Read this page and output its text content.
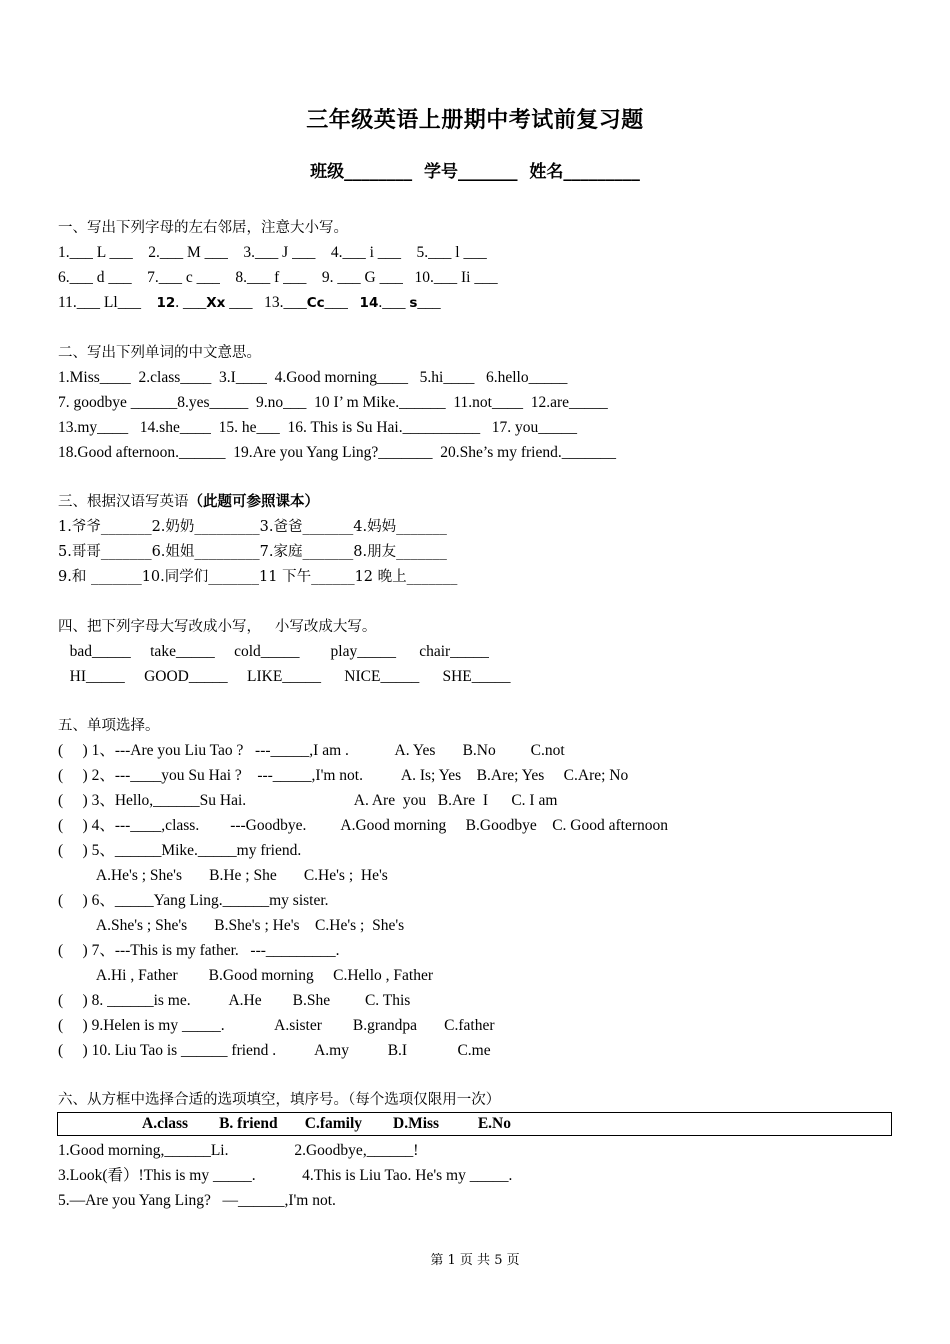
三年级英语上册期中考试前复习题
班级________  学号_______  姓名_________
一、写出下列字母的左右邻居，注意大小写。
1.___ L ___    2.___ M ___    3.___ J ___    4.___ i ___    5.___ l ___
6.___ d ___    7.___ c ___    8.___ f ___    9. ___ G ___   10.___ Ii ___
11.___ Ll___    12. ___Xx ___   13.___Cc___   14.___ s___
二、写出下列单词的中文意思。
1.Miss____  2.class____  3.I____  4.Good morning____   5.hi____   6.hello_____
7. goodbye ______8.yes_____  9.no___  10 I’ m Mike.______  11.not____  12.are_____
13.my____   14.she____  15. he___  16. This is Su Hai.__________   17. you_____
18.Good afternoon.______  19.Are you Yang Ling?_______  20.She’s my friend._______
三、根据汉语写英语（此题可参照课本）
1.爷爷_______2.奶奶_________3.爸爸_______4.妈妈_______
5.哥哥_______6.姐姐_________7.家庭_______8.朋友_______
9.和 _______10.同学们_______11 下午______12 晚上_______
四、把下列字母大写改成小写，   小写改成大写。
bad_____     take_____     cold_____        play_____      chair_____
HI_____     GOOD_____     LIKE_____      NICE_____      SHE_____
五、单项选择。
(     ) 1、---Are you Liu Tao ?   ---_____,I am .            A. Yes       B.No         C.not
(     ) 2、---____you Su Hai ?    ---_____,I'm not.          A. Is; Yes    B.Are; Yes     C.Are; No
(     ) 3、Hello,______Su Hai.                            A. Are  you   B.Are  I      C. I am
(     ) 4、---____,class.        ---Goodbye.         A.Good morning     B.Goodbye    C. Good afternoon
(     ) 5、______Mike._____my friend.
A.He's ; She's       B.He ; She       C.He's ;  He's
(     ) 6、_____Yang Ling.______my sister.
A.She's ; She's       B.She's ; He's    C.He's ;  She's
(     ) 7、---This is my father.   ---_________.
A.Hi , Father        B.Good morning     C.Hello , Father
(     ) 8. ______is me.          A.He        B.She         C. This
(     ) 9.Helen is my _____.             A.sister        B.grandpa       C.father
(     ) 10. Liu Tao is ______ friend .          A.my          B.I             C.me
六、从方框中选择合适的选项填空，填序号。（每个选项仅限用一次）
A.class        B. friend       C.family        D.Miss          E.No
1.Good morning,______Li.                 2.Goodbye,______!
3.Look(看）!This is my _____.            4.This is Liu Tao. He's my _____.
5.—Are you Yang Ling?   —______,I'm not.
第 1 页 共 5 页
